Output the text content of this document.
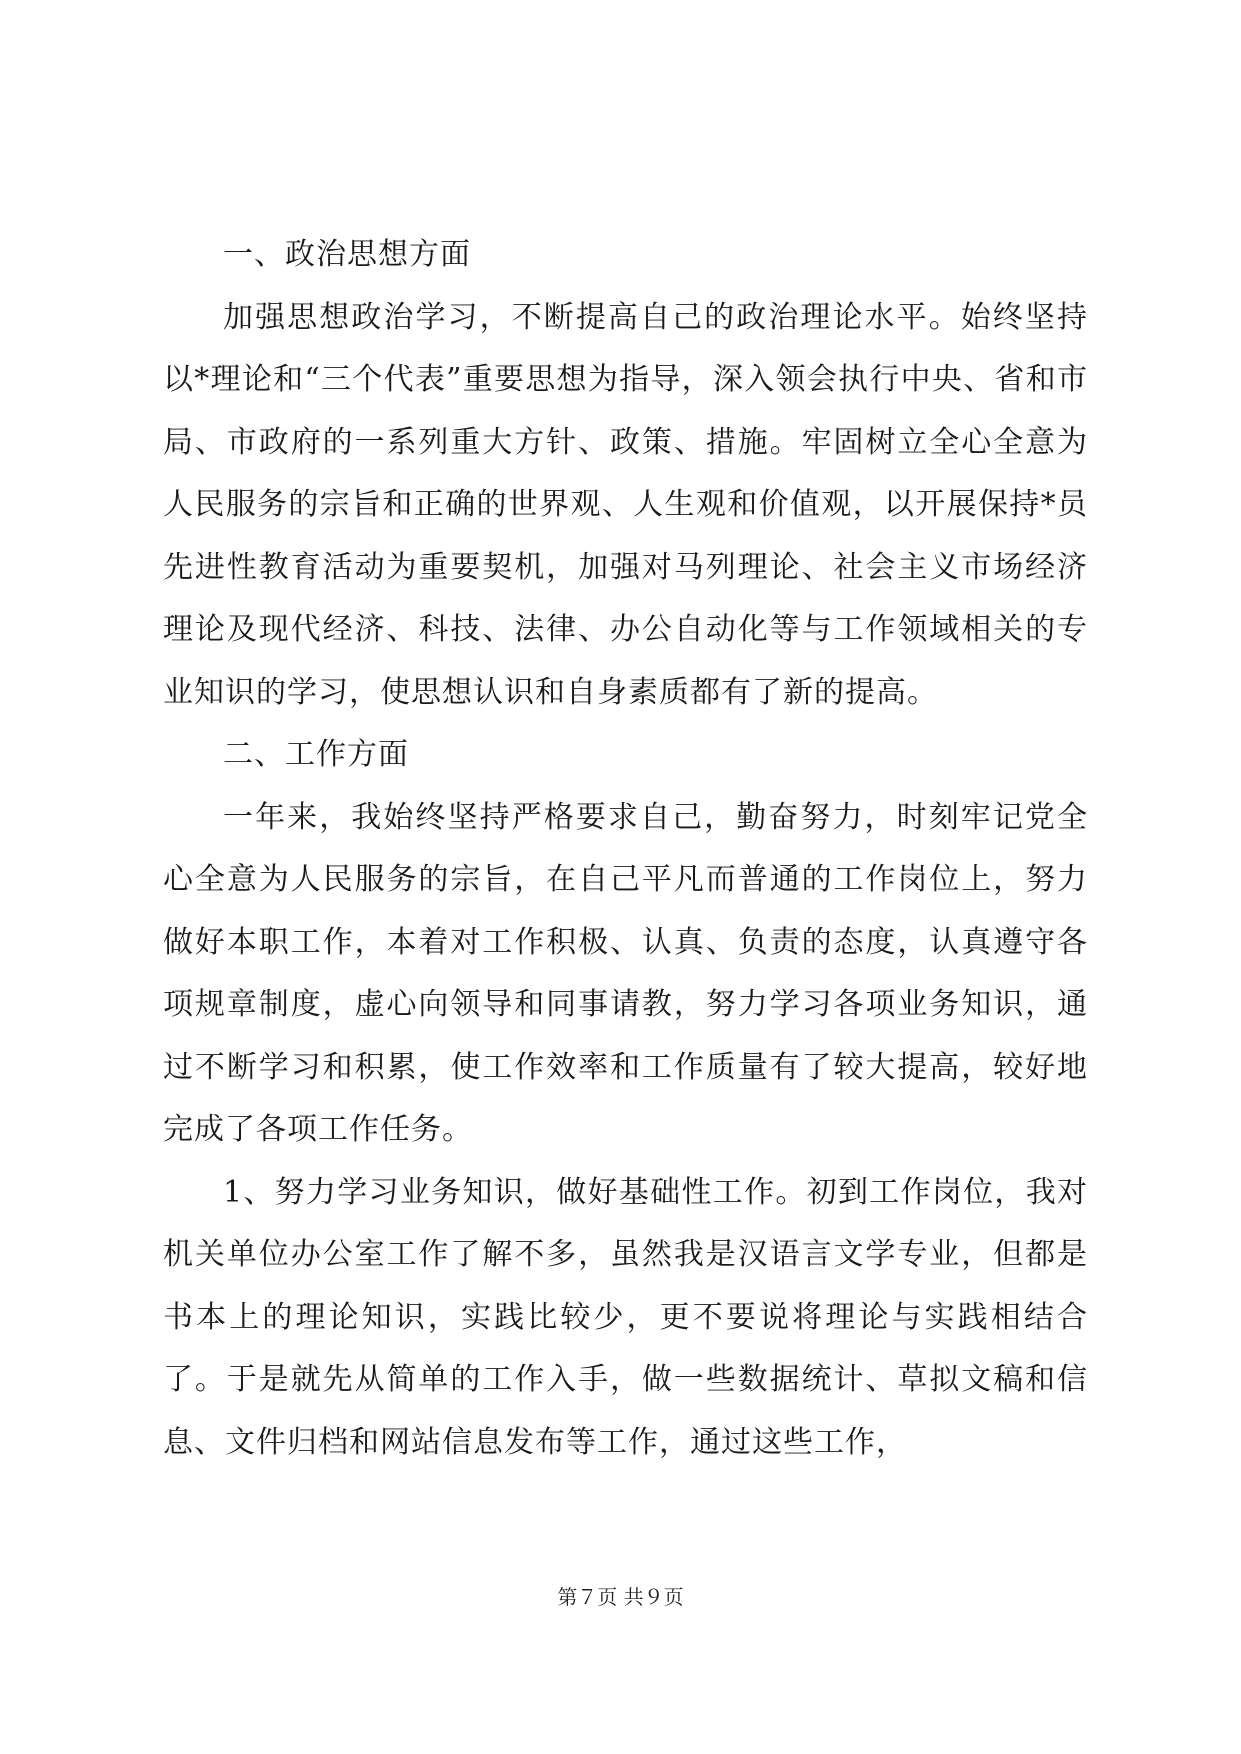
一、政治思想方面

加强思想政治学习，不断提高自己的政治理论水平。始终坚持以*理论和“三个代表”重要思想为指导，深入领会执行中央、省和市局、市政府的一系列重大方针、政策、措施。牢固树立全心全意为人民服务的宗旨和正确的世界观、人生观和价值观，以开展保持*员先进性教育活动为重要契机，加强对马列理论、社会主义市场经济理论及现代经济、科技、法律、办公自动化等与工作领域相关的专业知识的学习，使思想认识和自身素质都有了新的提高。

二、工作方面

一年来，我始终坚持严格要求自己，勤奋努力，时刻牢记党全心全意为人民服务的宗旨，在自己平凡而普通的工作岗位上，努力做好本职工作，本着对工作积极、认真、负责的态度，认真遵守各项规章制度，虚心向领导和同事请教，努力学习各项业务知识，通过不断学习和积累，使工作效率和工作质量有了较大提高，较好地完成了各项工作任务。

1、努力学习业务知识，做好基础性工作。初到工作岗位，我对机关单位办公室工作了解不多，虽然我是汉语言文学专业，但都是书本上的理论知识，实践比较少，更不要说将理论与实践相结合了。于是就先从简单的工作入手，做一些数据统计、草拟文稿和信息、文件归档和网站信息发布等工作，通过这些工作，

第７页 共９页
